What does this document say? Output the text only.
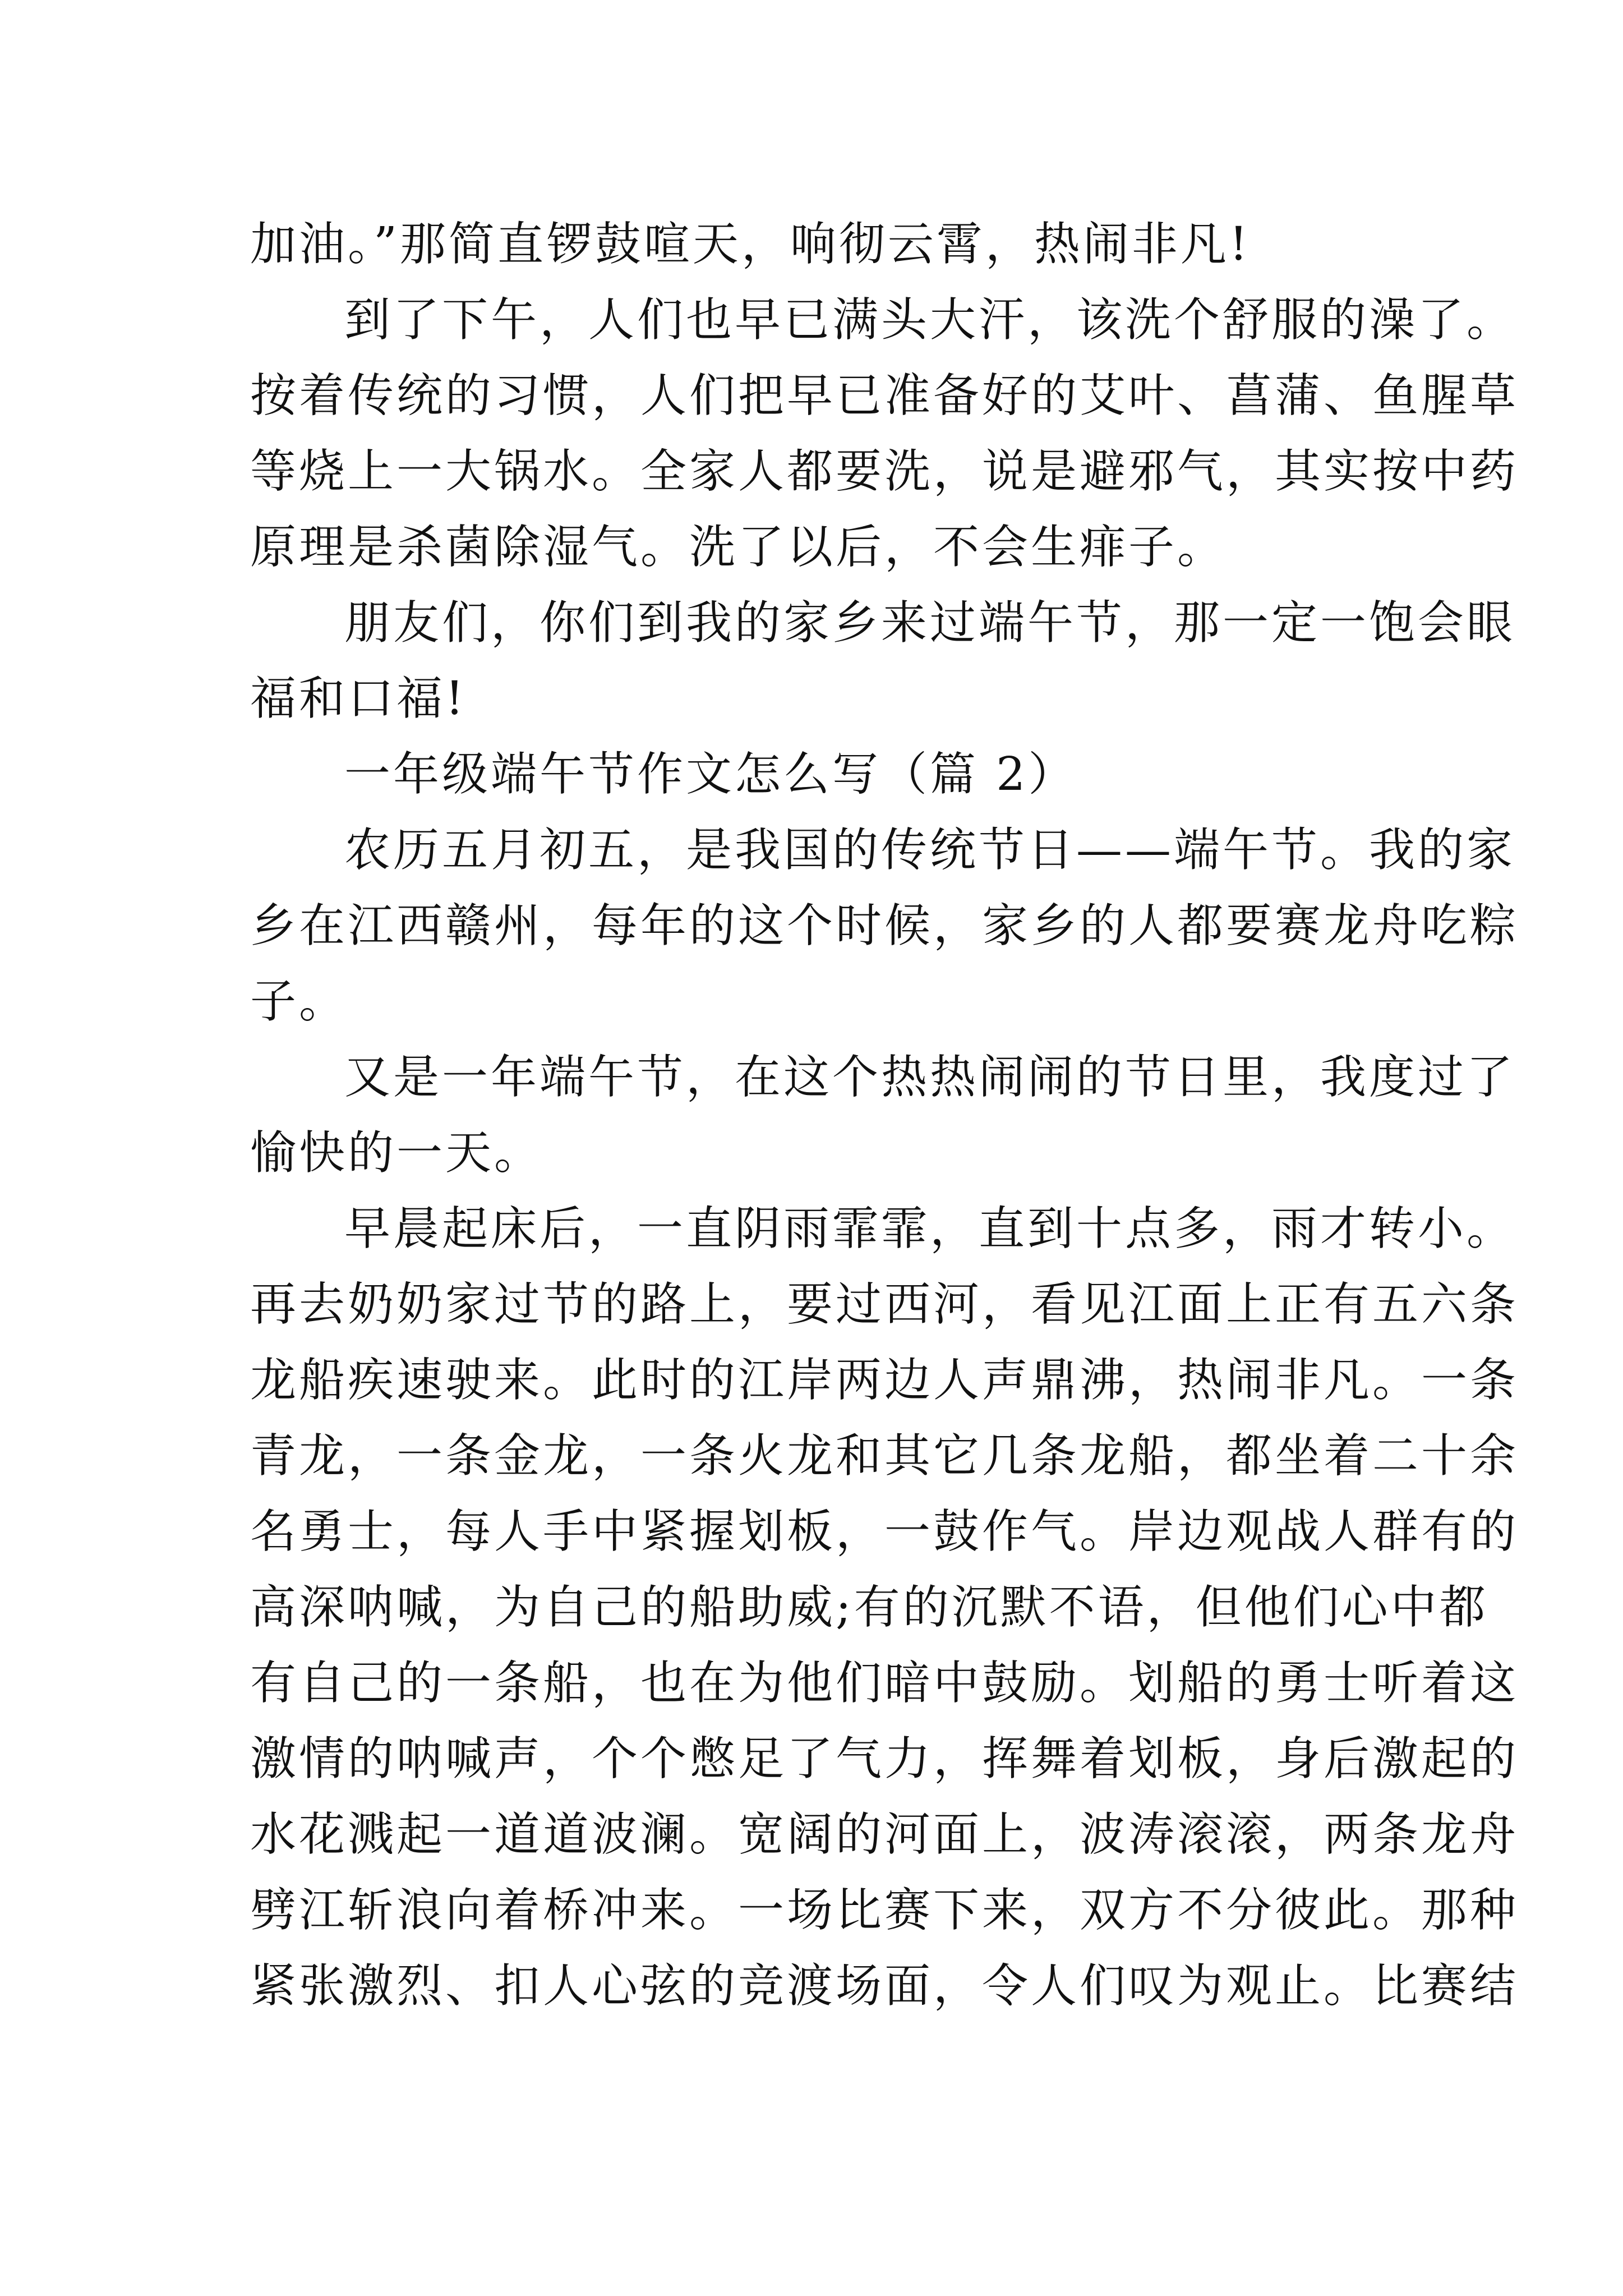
加油。”那简直锣鼓喧天，响彻云霄，热闹非凡!
到了下午，人们也早已满头大汗，该洗个舒服的澡了。
按着传统的习惯，人们把早已准备好的艾叶、菖蒲、鱼腥草
等烧上一大锅水。全家人都要洗，说是避邪气，其实按中药
原理是杀菌除湿气。洗了以后，不会生痱子。
朋友们，你们到我的家乡来过端午节，那一定一饱会眼
福和口福!
一年级端午节作文怎么写（篇 2）
农历五月初五，是我国的传统节日——端午节。我的家
乡在江西赣州，每年的这个时候，家乡的人都要赛龙舟吃粽
子。
又是一年端午节，在这个热热闹闹的节日里，我度过了
愉快的一天。
早晨起床后，一直阴雨霏霏，直到十点多，雨才转小。
再去奶奶家过节的路上，要过西河，看见江面上正有五六条
龙船疾速驶来。此时的江岸两边人声鼎沸，热闹非凡。一条
青龙，一条金龙，一条火龙和其它几条龙船，都坐着二十余
名勇士，每人手中紧握划板，一鼓作气。岸边观战人群有的
高深呐喊，为自己的船助威;有的沉默不语，但他们心中都
有自己的一条船，也在为他们暗中鼓励。划船的勇士听着这
激情的呐喊声，个个憋足了气力，挥舞着划板，身后激起的
水花溅起一道道波澜。宽阔的河面上，波涛滚滚，两条龙舟
劈江斩浪向着桥冲来。一场比赛下来，双方不分彼此。那种
紧张激烈、扣人心弦的竞渡场面，令人们叹为观止。比赛结
